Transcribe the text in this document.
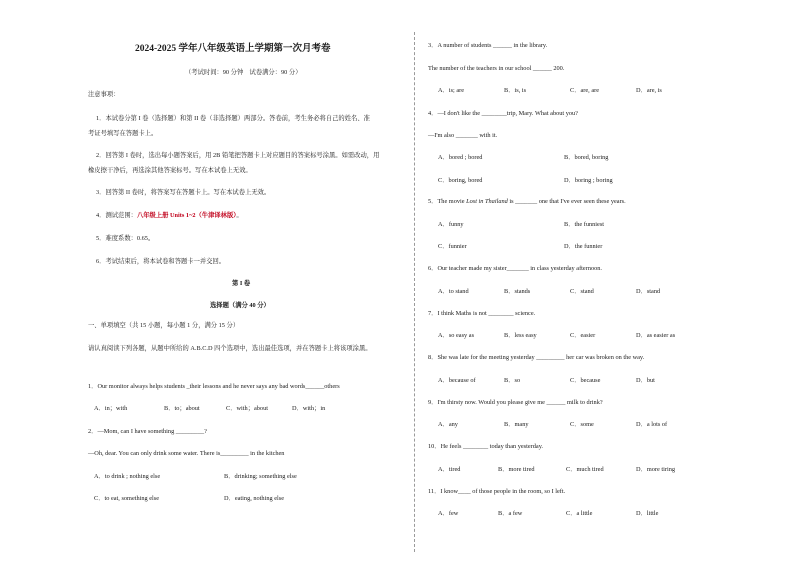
2024-2025 学年八年级英语上学期第一次月考卷
（考试时间：90 分钟　试卷满分：90 分）
注意事项：
1．本试卷分第 I 卷（选择题）和第 II 卷（非选择题）两部分。答卷前，考生务必将自己的姓名、准
考证号填写在答题卡上。
2．回答第 I 卷时，选出每小题答案后，用 2B 铅笔把答题卡上对应题目的答案标号涂黑。如需改动，用
橡皮擦干净后，再选涂其他答案标号。写在本试卷上无效。
3．回答第 II 卷时，将答案写在答题卡上。写在本试卷上无效。
4．测试范围：八年级上册 Units 1~2（牛津译林版）。
5．难度系数：0.65。
6．考试结束后，将本试卷和答题卡一并交回。
第 I 卷
选择题（满分 40 分）
一、单项填空（共 15 小题，每小题 1 分，满分 15 分）
请认真阅读下列各题，从题中所给的 A.B.C.D 四个选项中，选出最佳选项，并在答题卡上将该项涂黑。
1．Our monitor always helps students _their lessons and he never says any bad words______others
A．in；with	B．to；about	C．with；about	D．with；in
2．—Mom, can I have something _________?
—Oh, dear. You can only drink some water. There is_________ in the kitchen
A．to drink ; nothing else	B．drinking; something else
C．to eat, something else	D．eating, nothing else
3．A number of students ______ in the library.
The number of the teachers in our school ______ 200.
A．is; are	B．is, is	C．are, are	D．are, is
4．—I don't like the ________trip, Mary. What about you?
—I'm also _______ with it.
A．bored ; bored	B．bored, boring
C．boring, bored	D．boring ; boring
5．The movie Lost in Thailand is _______ one that I've ever seen these years.
A．funny	B．the funniest
C．funnier	D．the funnier
6．Our teacher made my sister_______ in class yesterday afternoon.
A．to stand	B．stands	C．stand	D．stand
7．I think Maths is not ________ science.
A．so easy as	B．less easy	C．easier	D．as easier as
8．She was late for the meeting yesterday _________ her car was broken on the way.
A．because of	B．so	C．because	D．but
9．I'm thirsty now. Would you please give me ______ milk to drink?
A．any	B．many	C．some	D．a lots of
10．He feels ________ today than yesterday.
A．tired	B．more tired	C．much tired	D．more tiring
11．I know____ of those people in the room, so I left.
A．few	B．a few	C．a little	D．little
